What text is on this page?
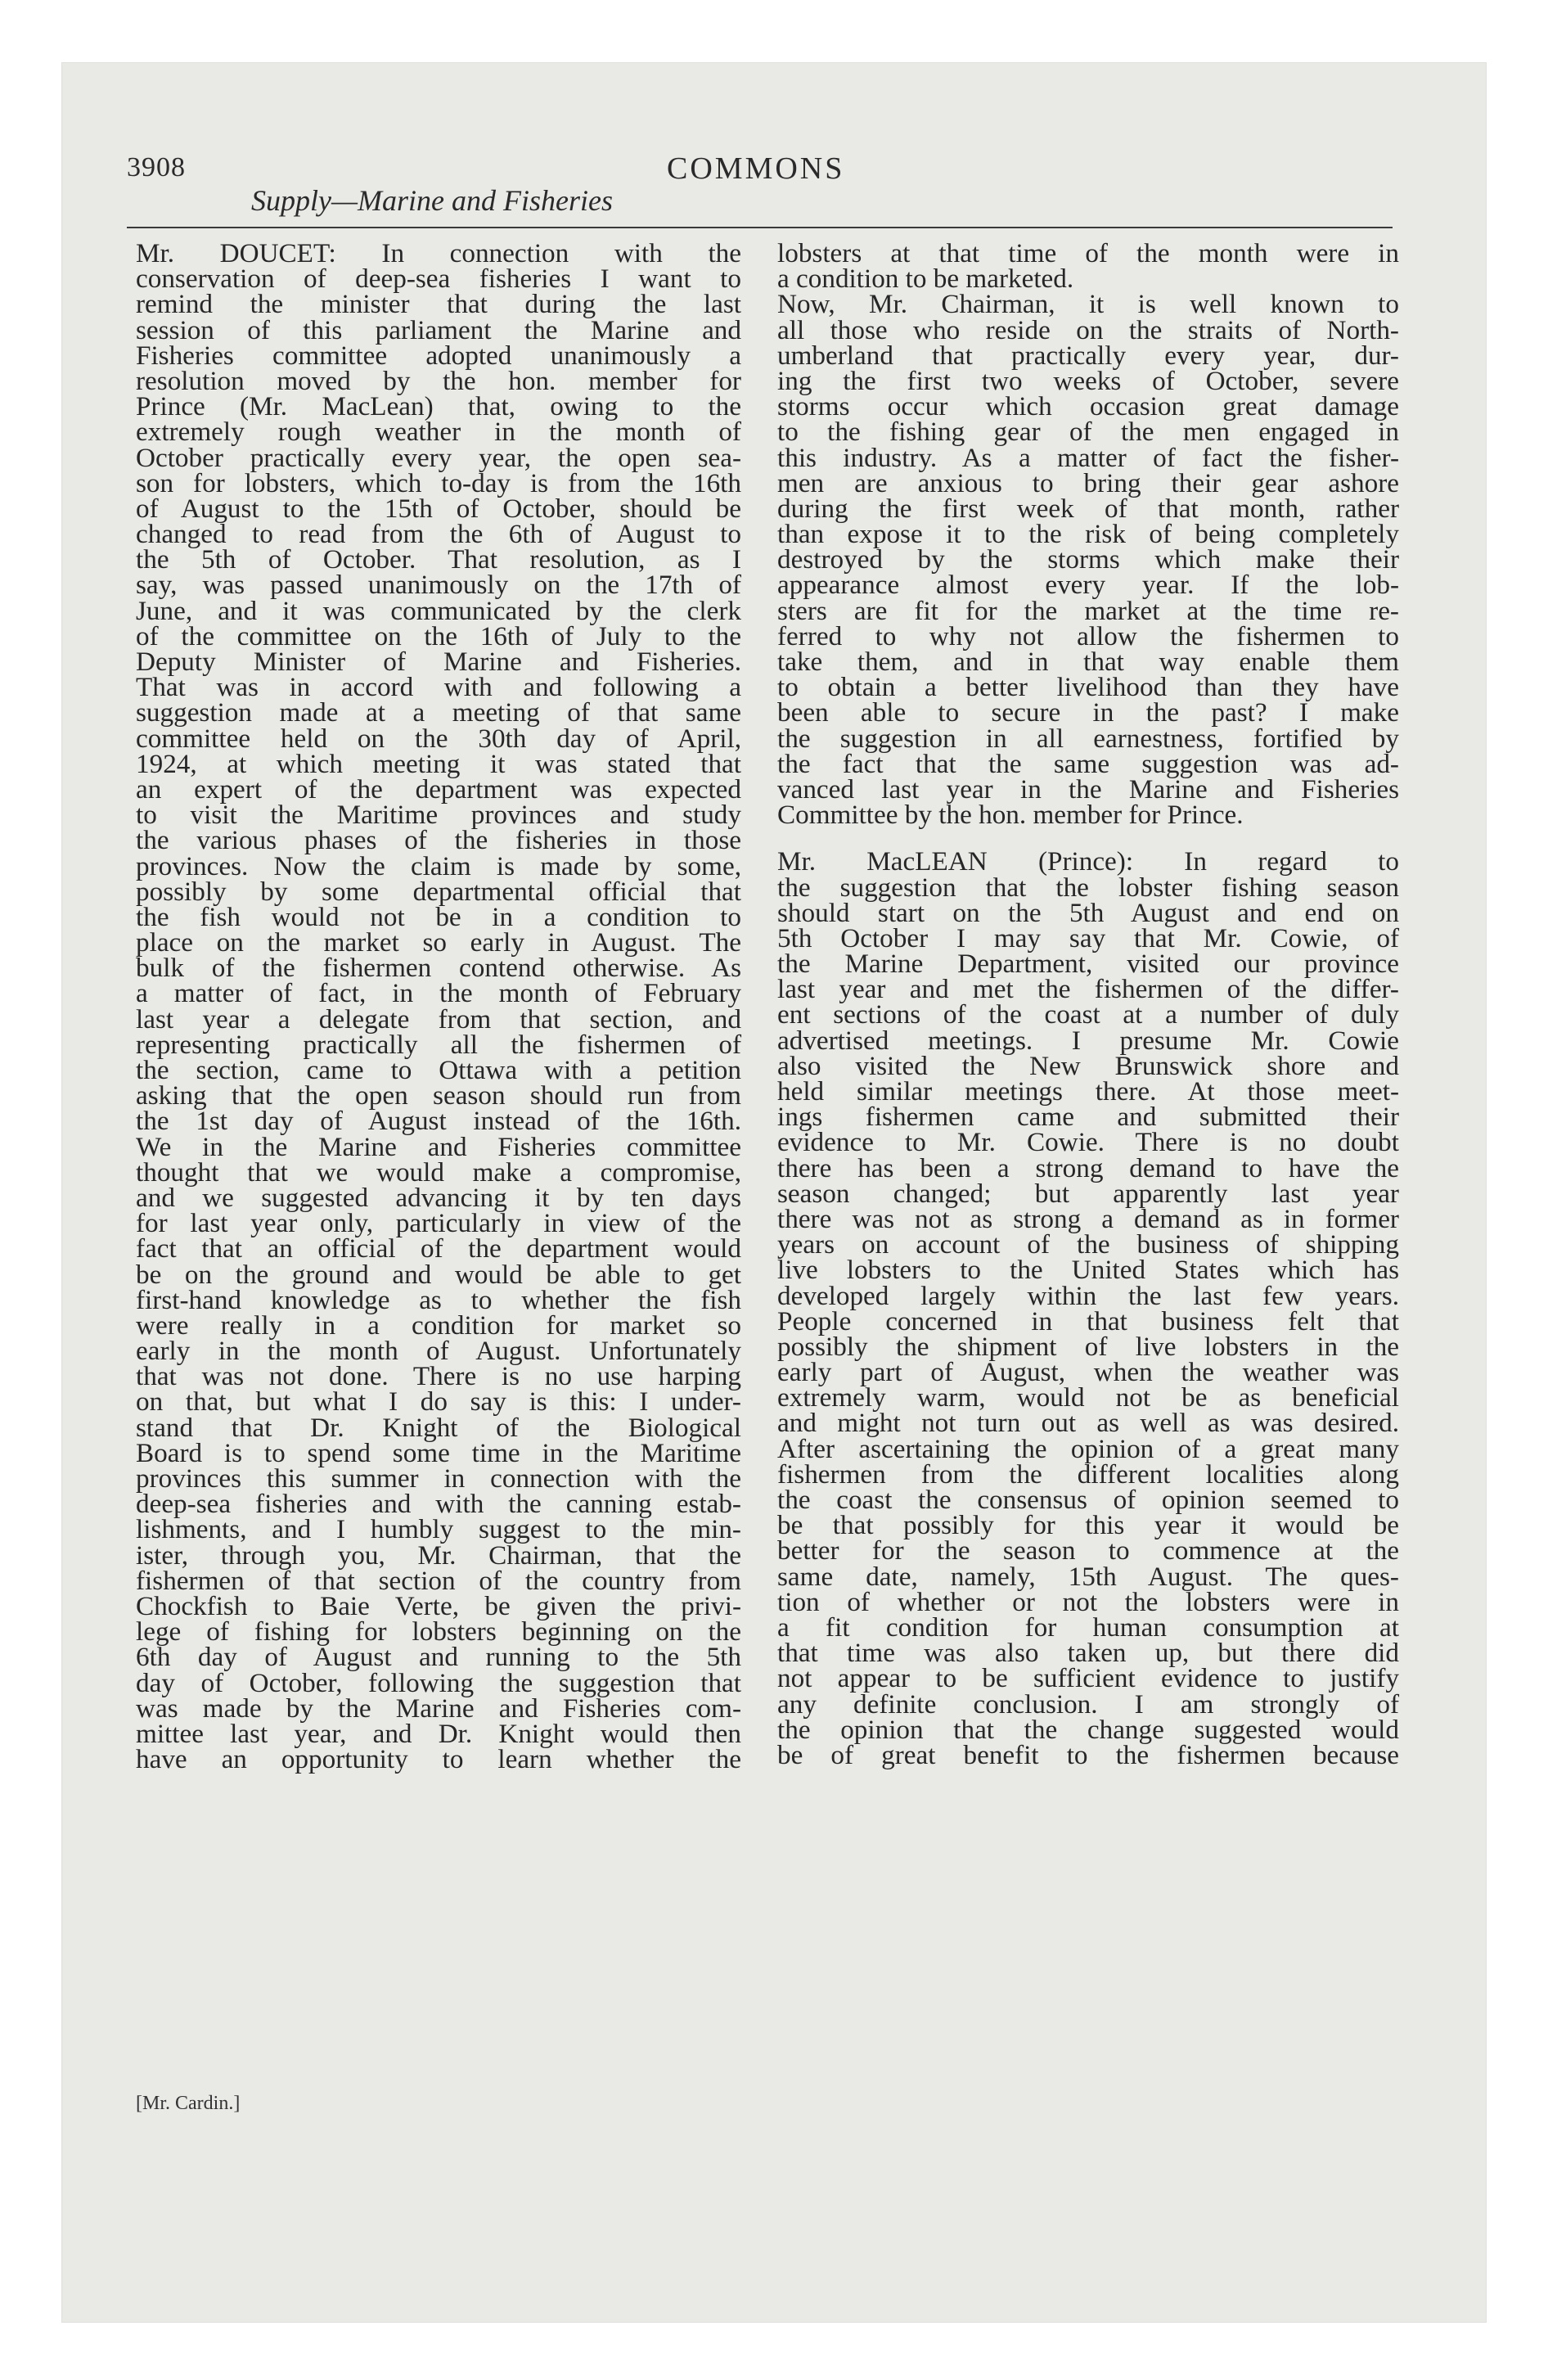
3908	COMMONS
Supply—Marine and Fisheries
Mr. DOUCET: In connection with the
conservation of deep-sea fisheries I want to
remind the minister that during the last
session of this parliament the Marine and
Fisheries committee adopted unanimously a
resolution moved by the hon. member for
Prince (Mr. MacLean) that, owing to the
extremely rough weather in the month of
October practically every year, the open sea-
son for lobsters, which to-day is from the 16th
of August to the 15th of October, should be
changed to read from the 6th of August to
the 5th of October. That resolution, as I
say, was passed unanimously on the 17th of
June, and it was communicated by the clerk
of the committee on the 16th of July to the
Deputy Minister of Marine and Fisheries.
That was in accord with and following a
suggestion made at a meeting of that same
committee held on the 30th day of April,
1924, at which meeting it was stated that
an expert of the department was expected
to visit the Maritime provinces and study
the various phases of the fisheries in those
provinces. Now the claim is made by some,
possibly by some departmental official that
the fish would not be in a condition to
place on the market so early in August. The
bulk of the fishermen contend otherwise. As
a matter of fact, in the month of February
last year a delegate from that section, and
representing practically all the fishermen of
the section, came to Ottawa with a petition
asking that the open season should run from
the 1st day of August instead of the 16th.
We in the Marine and Fisheries committee
thought that we would make a compromise,
and we suggested advancing it by ten days
for last year only, particularly in view of the
fact that an official of the department would
be on the ground and would be able to get
first-hand knowledge as to whether the fish
were really in a condition for market so
early in the month of August. Unfortunately
that was not done. There is no use harping
on that, but what I do say is this: I under-
stand that Dr. Knight of the Biological
Board is to spend some time in the Maritime
provinces this summer in connection with the
deep-sea fisheries and with the canning estab-
lishments, and I humbly suggest to the min-
ister, through you, Mr. Chairman, that the
fishermen of that section of the country from
Chockfish to Baie Verte, be given the privi-
lege of fishing for lobsters beginning on the
6th day of August and running to the 5th
day of October, following the suggestion that
was made by the Marine and Fisheries com-
mittee last year, and Dr. Knight would then
have an opportunity to learn whether the
lobsters at that time of the month were in
a condition to be marketed.
Now, Mr. Chairman, it is well known to
all those who reside on the straits of North-
umberland that practically every year, dur-
ing the first two weeks of October, severe
storms occur which occasion great damage
to the fishing gear of the men engaged in
this industry. As a matter of fact the fisher-
men are anxious to bring their gear ashore
during the first week of that month, rather
than expose it to the risk of being completely
destroyed by the storms which make their
appearance almost every year. If the lob-
sters are fit for the market at the time re-
ferred to why not allow the fishermen to
take them, and in that way enable them
to obtain a better livelihood than they have
been able to secure in the past? I make
the suggestion in all earnestness, fortified by
the fact that the same suggestion was ad-
vanced last year in the Marine and Fisheries
Committee by the hon. member for Prince.
Mr. MacLEAN (Prince): In regard to
the suggestion that the lobster fishing season
should start on the 5th August and end on
5th October I may say that Mr. Cowie, of
the Marine Department, visited our province
last year and met the fishermen of the differ-
ent sections of the coast at a number of duly
advertised meetings. I presume Mr. Cowie
also visited the New Brunswick shore and
held similar meetings there. At those meet-
ings fishermen came and submitted their
evidence to Mr. Cowie. There is no doubt
there has been a strong demand to have the
season changed; but apparently last year
there was not as strong a demand as in former
years on account of the business of shipping
live lobsters to the United States which has
developed largely within the last few years.
People concerned in that business felt that
possibly the shipment of live lobsters in the
early part of August, when the weather was
extremely warm, would not be as beneficial
and might not turn out as well as was desired.
After ascertaining the opinion of a great many
fishermen from the different localities along
the coast the consensus of opinion seemed to
be that possibly for this year it would be
better for the season to commence at the
same date, namely, 15th August. The ques-
tion of whether or not the lobsters were in
a fit condition for human consumption at
that time was also taken up, but there did
not appear to be sufficient evidence to justify
any definite conclusion. I am strongly of
the opinion that the change suggested would
be of great benefit to the fishermen because
[Mr. Cardin.]
